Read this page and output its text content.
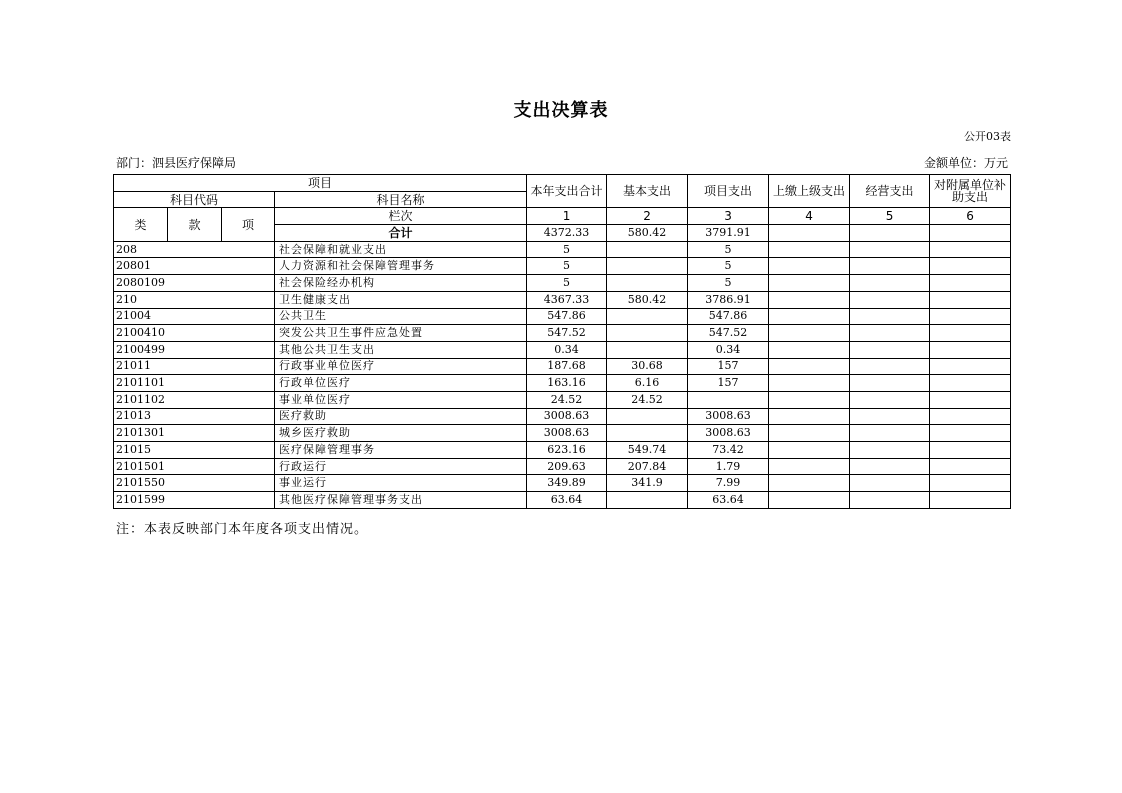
支出决算表
公开03表
部门：泗县医疗保障局	金额单位：万元
项目				本年支出合计	基本支出	项目支出	上缴上级支出	经营支出	对附属单位补助支出
科目代码			科目名称						
类	款	项	栏次	1	2	3	4	5	6
			合计	4372.33	580.42	3791.91			
208			社会保障和就业支出	5		5			
20801			人力资源和社会保障管理事务	5		5			
2080109			社会保险经办机构	5		5			
210			卫生健康支出	4367.33	580.42	3786.91			
21004			公共卫生	547.86		547.86			
2100410			突发公共卫生事件应急处置	547.52		547.52			
2100499			其他公共卫生支出	0.34		0.34			
21011			行政事业单位医疗	187.68	30.68	157			
2101101			行政单位医疗	163.16	6.16	157			
2101102			事业单位医疗	24.52	24.52				
21013			医疗救助	3008.63		3008.63			
2101301			城乡医疗救助	3008.63		3008.63			
21015			医疗保障管理事务	623.16	549.74	73.42			
2101501			行政运行	209.63	207.84	1.79			
2101550			事业运行	349.89	341.9	7.99			
2101599			其他医疗保障管理事务支出	63.64		63.64			
注：本表反映部门本年度各项支出情况。
